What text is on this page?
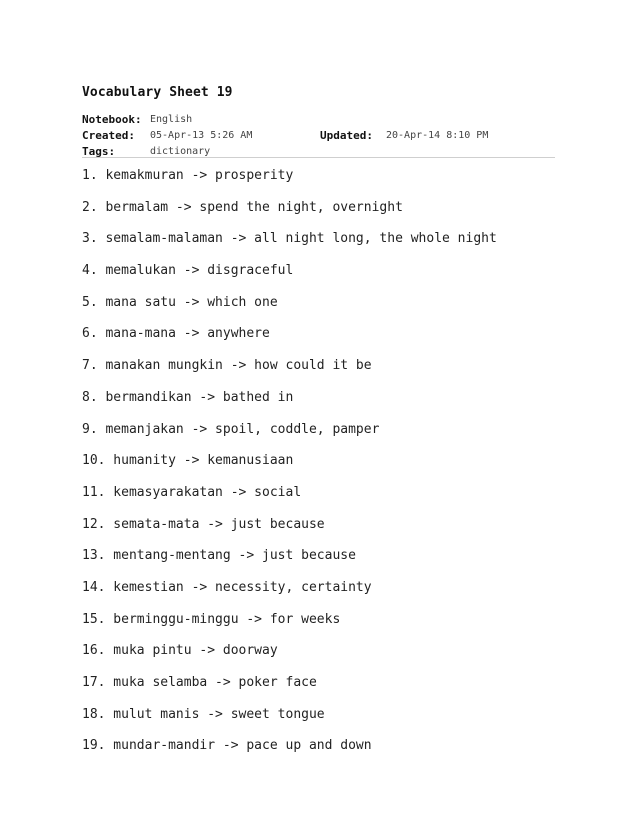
Vocabulary Sheet 19
Notebook: English
Created: 05-Apr-13 5:26 AM	Updated: 20-Apr-14 8:10 PM
Tags:	dictionary
1. kemakmuran -> prosperity
2. bermalam -> spend the night, overnight
3. semalam-malaman -> all night long, the whole night
4. memalukan -> disgraceful
5. mana satu -> which one
6. mana-mana -> anywhere
7. manakan mungkin -> how could it be
8. bermandikan -> bathed in
9. memanjakan -> spoil, coddle, pamper
10. humanity -> kemanusiaan
11. kemasyarakatan -> social
12. semata-mata -> just because
13. mentang-mentang -> just because
14. kemestian -> necessity, certainty
15. berminggu-minggu -> for weeks
16. muka pintu -> doorway
17. muka selamba -> poker face
18. mulut manis -> sweet tongue
19. mundar-mandir -> pace up and down
